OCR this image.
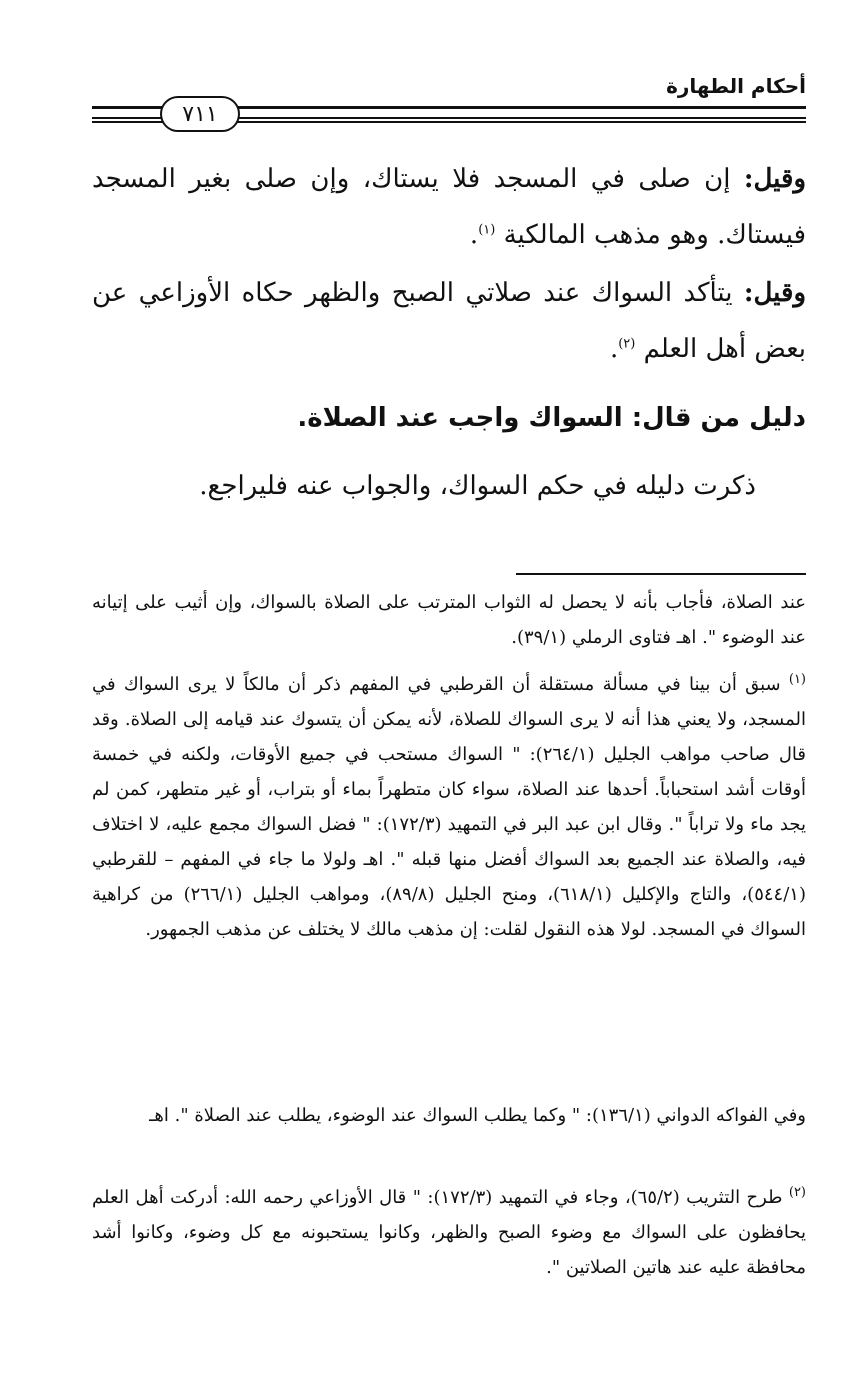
أحكام الطهارة
٧١١

وقيل: إن صلى في المسجد فلا يستاك، وإن صلى بغير المسجد فيستاك. وهو مذهب المالكية $^{(١)}$.

وقيل: يتأكد السواك عند صلاتي الصبح والظهر حكاه الأوزاعي عن بعض أهل العلم $^{(٢)}$.

دليل من قال: السواك واجب عند الصلاة.

ذكرت دليله في حكم السواك، والجواب عنه فليراجع.

عند الصلاة، فأجاب بأنه لا يحصل له الثواب المترتب على الصلاة بالسواك، وإن أثيب على إتيانه عند الوضوء ". اهـ فتاوى الرملي (٣٩/١).

$^{(١)}$ سبق أن بينا في مسألة مستقلة أن القرطبي في المفهم ذكر أن مالكاً لا يرى السواك في المسجد، ولا يعني هذا أنه لا يرى السواك للصلاة، لأنه يمكن أن يتسوك عند قيامه إلى الصلاة. وقد قال صاحب مواهب الجليل (٢٦٤/١): " السواك مستحب في جميع الأوقات، ولكنه في خمسة أوقات أشد استحباباً. أحدها عند الصلاة، سواء كان متطهراً بماء أو بتراب، أو غير متطهر، كمن لم يجد ماء ولا تراباً ". وقال ابن عبد البر في التمهيد (١٧٢/٣): " فضل السواك مجمع عليه، لا اختلاف فيه، والصلاة عند الجميع بعد السواك أفضل منها قبله ". اهـ ولولا ما جاء في المفهم – للقرطبي (٥٤٤/١)، والتاج والإكليل (٦١٨/١)، ومنح الجليل (٨٩/٨)، ومواهب الجليل (٢٦٦/١) من كراهية السواك في المسجد. لولا هذه النقول لقلت: إن مذهب مالك لا يختلف عن مذهب الجمهور.

وفي الفواكه الدواني (١٣٦/١): " وكما يطلب السواك عند الوضوء، يطلب عند الصلاة ". اهـ

$^{(٢)}$ طرح التثريب (٦٥/٢)، وجاء في التمهيد (١٧٢/٣): " قال الأوزاعي رحمه الله: أدركت أهل العلم يحافظون على السواك مع وضوء الصبح والظهر، وكانوا يستحبونه مع كل وضوء، وكانوا أشد محافظة عليه عند هاتين الصلاتين ".
